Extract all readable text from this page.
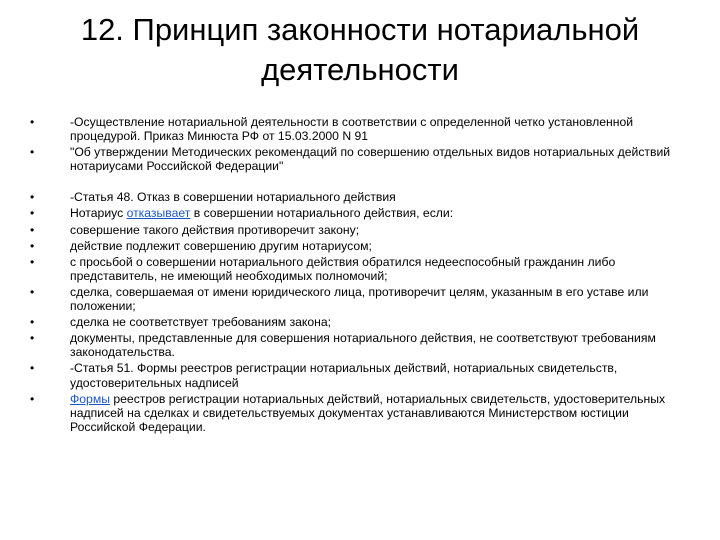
12. Принцип законности нотариальной
деятельности
•	-Осуществление нотариальной деятельности в соответствии с определенной четко установленной процедурой. Приказ Минюста РФ от 15.03.2000 N 91
•	"Об утверждении Методических рекомендаций по совершению отдельных видов нотариальных действий нотариусами Российской Федерации"
•	-Статья 48. Отказ в совершении нотариального действия
•	Нотариус отказывает в совершении нотариального действия, если:
•	совершение такого действия противоречит закону;
•	действие подлежит совершению другим нотариусом;
•	с просьбой о совершении нотариального действия обратился недееспособный гражданин либо представитель, не имеющий необходимых полномочий;
•	сделка, совершаемая от имени юридического лица, противоречит целям, указанным в его уставе или положении;
•	сделка не соответствует требованиям закона;
•	документы, представленные для совершения нотариального действия, не соответствуют требованиям законодательства.
•	-Статья 51. Формы реестров регистрации нотариальных действий, нотариальных свидетельств, удостоверительных надписей
•	Формы реестров регистрации нотариальных действий, нотариальных свидетельств, удостоверительных надписей на сделках и свидетельствуемых документах устанавливаются Министерством юстиции Российской Федерации.
